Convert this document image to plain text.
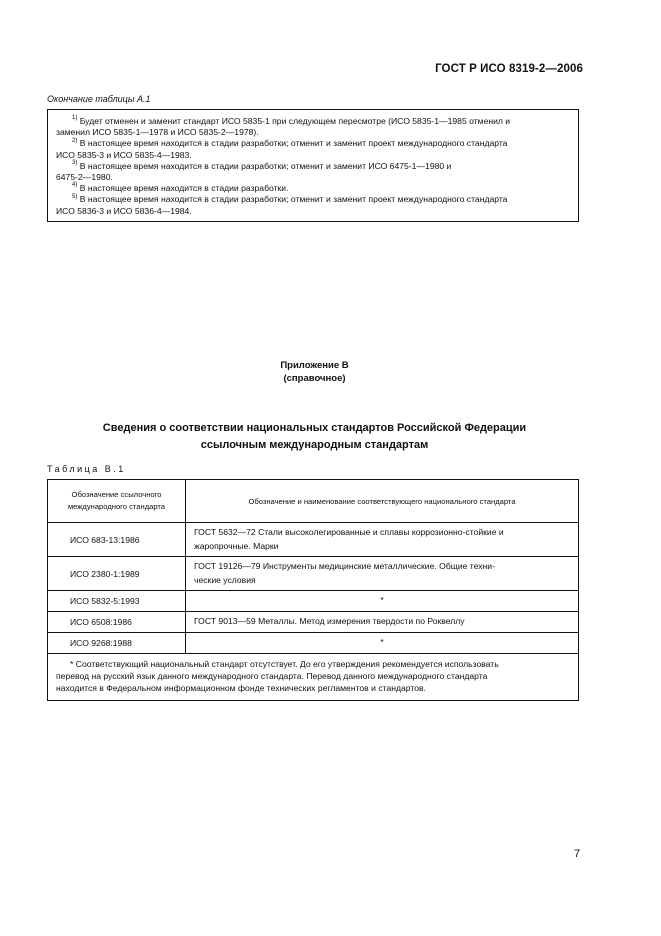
ГОСТ Р ИСО 8319-2—2006
Окончание таблицы А.1
$^{1)}$ Будет отменен и заменит стандарт ИСО 5835-1 при следующем пересмотре (ИСО 5835-1—1985 отменил и
заменил ИСО 5835-1—1978 и ИСО 5835-2—1978).
$^{2)}$ В настоящее время находится в стадии разработки; отменит и заменит проект международного стандарта
ИСО 5835-3 и ИСО 5835-4—1983.
$^{3)}$ В настоящее время находится в стадии разработки; отменит и заменит ИСО 6475-1—1980 и
6475-2—1980.
$^{4)}$ В настоящее время находится в стадии разработки.
$^{5)}$ В настоящее время находится в стадии разработки; отменит и заменит проект международного стандарта
ИСО 5836-3 и ИСО 5836-4—1984.
Приложение В
(справочное)
Сведения о соответствии национальных стандартов Российской Федерации
ссылочным международным стандартам
Таблица В.1
Обозначение ссылочного
международного стандарта	Обозначение и наименование соответствующего национального стандарта
ИСО 683-13:1986	ГОСТ 5632—72 Стали высоколегированные и сплавы коррозионно-стойкие и
жаропрочные. Марки

ИСО 2380-1:1989	ГОСТ 19126—79 Инструменты медицинские металлические. Общие техни-
ческие условия

ИСО 5832-5:1993	*
ИСО 6508:1986	ГОСТ 9013—59 Металлы. Метод измерения твердости по Роквеллу
ИСО 9268:1988	*

* Соответствующий национальный стандарт отсутствует. До его утверждения рекомендуется использовать
перевод на русский язык данного международного стандарта. Перевод данного международного стандарта
находится в Федеральном информационном фонде технических регламентов и стандартов.	
7
